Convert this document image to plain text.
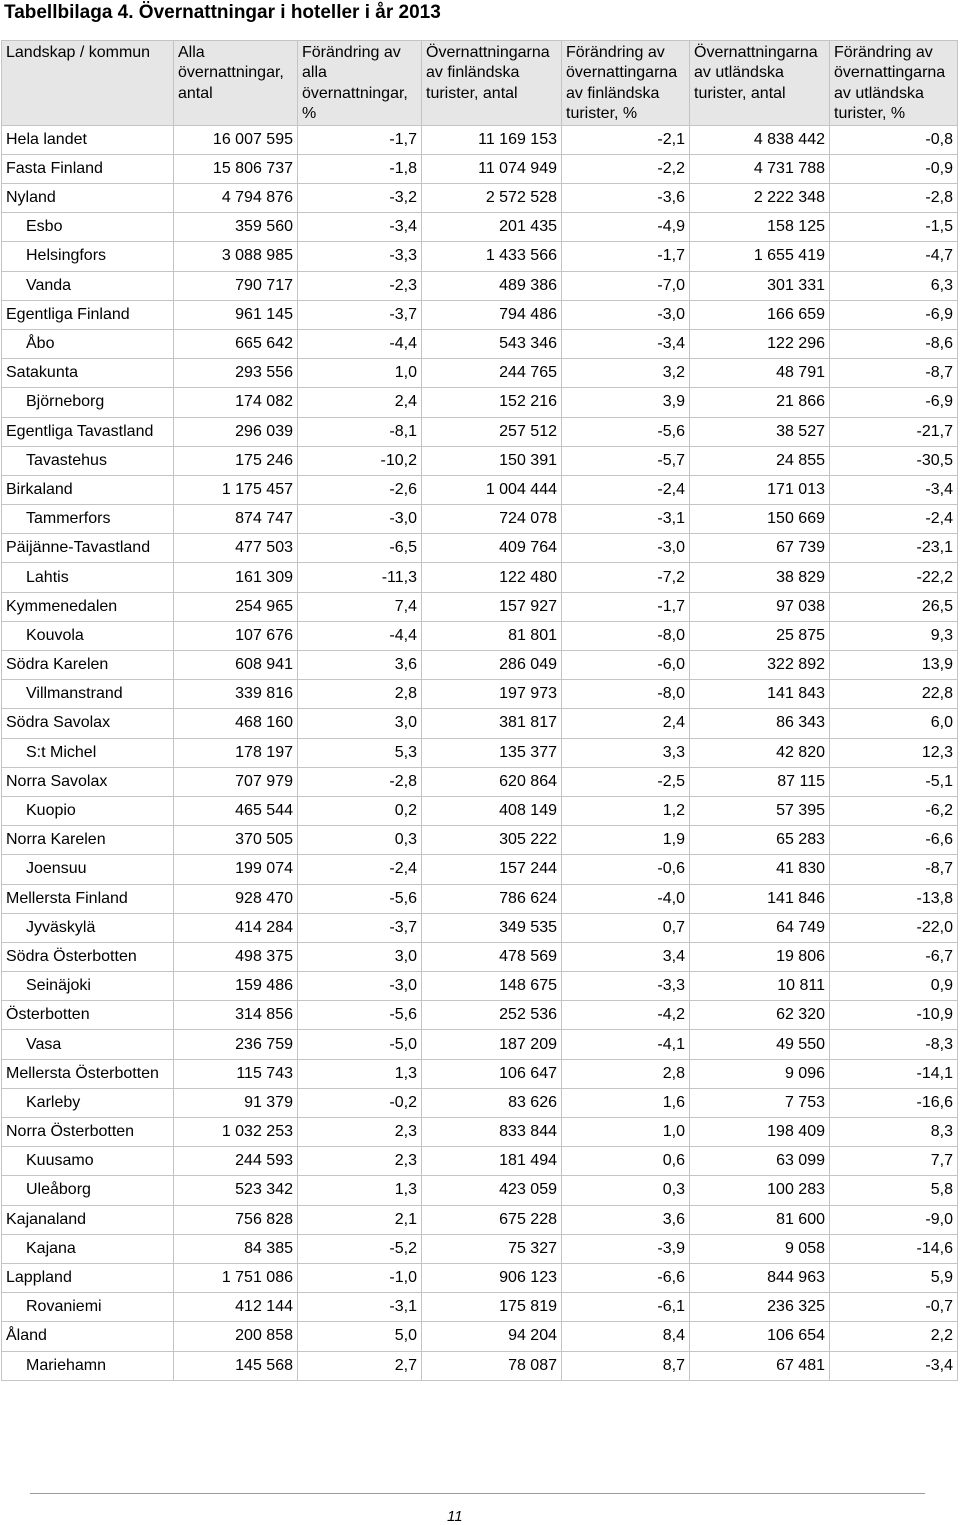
Tabellbilaga 4. Övernattningar i hoteller i år 2013
Landskap / kommun	Alla övernattningar, antal	Förändring av alla övernattningar, %	Övernattningarna av finländska turister, antal	Förändring av övernattingarna av finländska turister, %	Övernattningarna av utländska turister, antal	Förändring av övernattingarna av utländska turister, %
Hela landet	16 007 595	-1,7	11 169 153	-2,1	4 838 442	-0,8
Fasta Finland	15 806 737	-1,8	11 074 949	-2,2	4 731 788	-0,9
Nyland	4 794 876	-3,2	2 572 528	-3,6	2 222 348	-2,8
Esbo	359 560	-3,4	201 435	-4,9	158 125	-1,5
Helsingfors	3 088 985	-3,3	1 433 566	-1,7	1 655 419	-4,7
Vanda	790 717	-2,3	489 386	-7,0	301 331	6,3
Egentliga Finland	961 145	-3,7	794 486	-3,0	166 659	-6,9
Åbo	665 642	-4,4	543 346	-3,4	122 296	-8,6
Satakunta	293 556	1,0	244 765	3,2	48 791	-8,7
Björneborg	174 082	2,4	152 216	3,9	21 866	-6,9
Egentliga Tavastland	296 039	-8,1	257 512	-5,6	38 527	-21,7
Tavastehus	175 246	-10,2	150 391	-5,7	24 855	-30,5
Birkaland	1 175 457	-2,6	1 004 444	-2,4	171 013	-3,4
Tammerfors	874 747	-3,0	724 078	-3,1	150 669	-2,4
Päijänne-Tavastland	477 503	-6,5	409 764	-3,0	67 739	-23,1
Lahtis	161 309	-11,3	122 480	-7,2	38 829	-22,2
Kymmenedalen	254 965	7,4	157 927	-1,7	97 038	26,5
Kouvola	107 676	-4,4	81 801	-8,0	25 875	9,3
Södra Karelen	608 941	3,6	286 049	-6,0	322 892	13,9
Villmanstrand	339 816	2,8	197 973	-8,0	141 843	22,8
Södra Savolax	468 160	3,0	381 817	2,4	86 343	6,0
S:t Michel	178 197	5,3	135 377	3,3	42 820	12,3
Norra Savolax	707 979	-2,8	620 864	-2,5	87 115	-5,1
Kuopio	465 544	0,2	408 149	1,2	57 395	-6,2
Norra Karelen	370 505	0,3	305 222	1,9	65 283	-6,6
Joensuu	199 074	-2,4	157 244	-0,6	41 830	-8,7
Mellersta Finland	928 470	-5,6	786 624	-4,0	141 846	-13,8
Jyväskylä	414 284	-3,7	349 535	0,7	64 749	-22,0
Södra Österbotten	498 375	3,0	478 569	3,4	19 806	-6,7
Seinäjoki	159 486	-3,0	148 675	-3,3	10 811	0,9
Österbotten	314 856	-5,6	252 536	-4,2	62 320	-10,9
Vasa	236 759	-5,0	187 209	-4,1	49 550	-8,3
Mellersta Österbotten	115 743	1,3	106 647	2,8	9 096	-14,1
Karleby	91 379	-0,2	83 626	1,6	7 753	-16,6
Norra Österbotten	1 032 253	2,3	833 844	1,0	198 409	8,3
Kuusamo	244 593	2,3	181 494	0,6	63 099	7,7
Uleåborg	523 342	1,3	423 059	0,3	100 283	5,8
Kajanaland	756 828	2,1	675 228	3,6	81 600	-9,0
Kajana	84 385	-5,2	75 327	-3,9	9 058	-14,6
Lappland	1 751 086	-1,0	906 123	-6,6	844 963	5,9
Rovaniemi	412 144	-3,1	175 819	-6,1	236 325	-0,7
Åland	200 858	5,0	94 204	8,4	106 654	2,2
Mariehamn	145 568	2,7	78 087	8,7	67 481	-3,4
11
